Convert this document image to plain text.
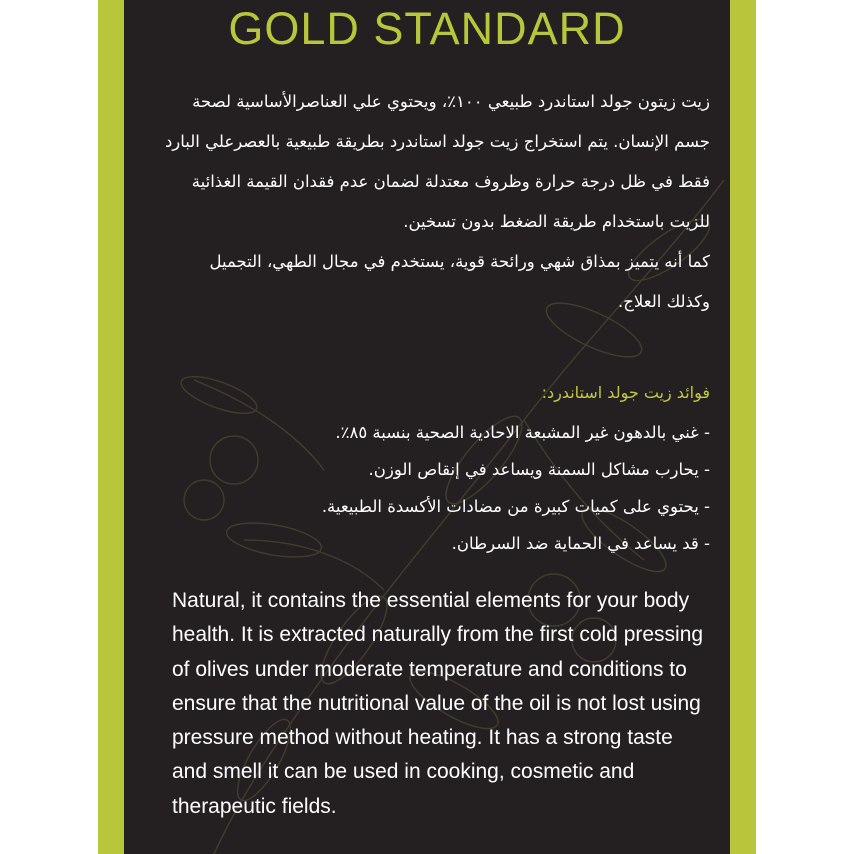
GOLD STANDARD

زيت زيتون جولد استاندرد طبيعي ١٠٠٪، ويحتوي علي العناصرالأساسية لصحة جسم الإنسان. يتم استخراج زيت جولد استاندرد بطريقة طبيعية بالعصرعلي البارد فقط في ظل درجة حرارة وظروف معتدلة لضمان عدم فقدان القيمة الغذائية للزيت باستخدام طريقة الضغط بدون تسخين.

كما أنه يتميز بمذاق شهي ورائحة قوية، يستخدم في مجال الطهي، التجميل وكذلك العلاج.

فوائد زيت جولد استاندرد:
- غني بالدهون غير المشبعة الاحادية الصحية بنسبة ٨٥٪.
- يحارب مشاكل السمنة ويساعد في إنقاص الوزن.
- يحتوي على كميات كبيرة من مضادات الأكسدة الطبيعية.
- قد يساعد في الحماية ضد السرطان.
Natural, it contains the essential elements for your body health. It is extracted naturally from the first cold pressing of olives under moderate temperature and conditions to ensure that the nutritional value of the oil is not lost using pressure method without heating. It has a strong taste and smell it can be used in cooking, cosmetic and therapeutic fields.
